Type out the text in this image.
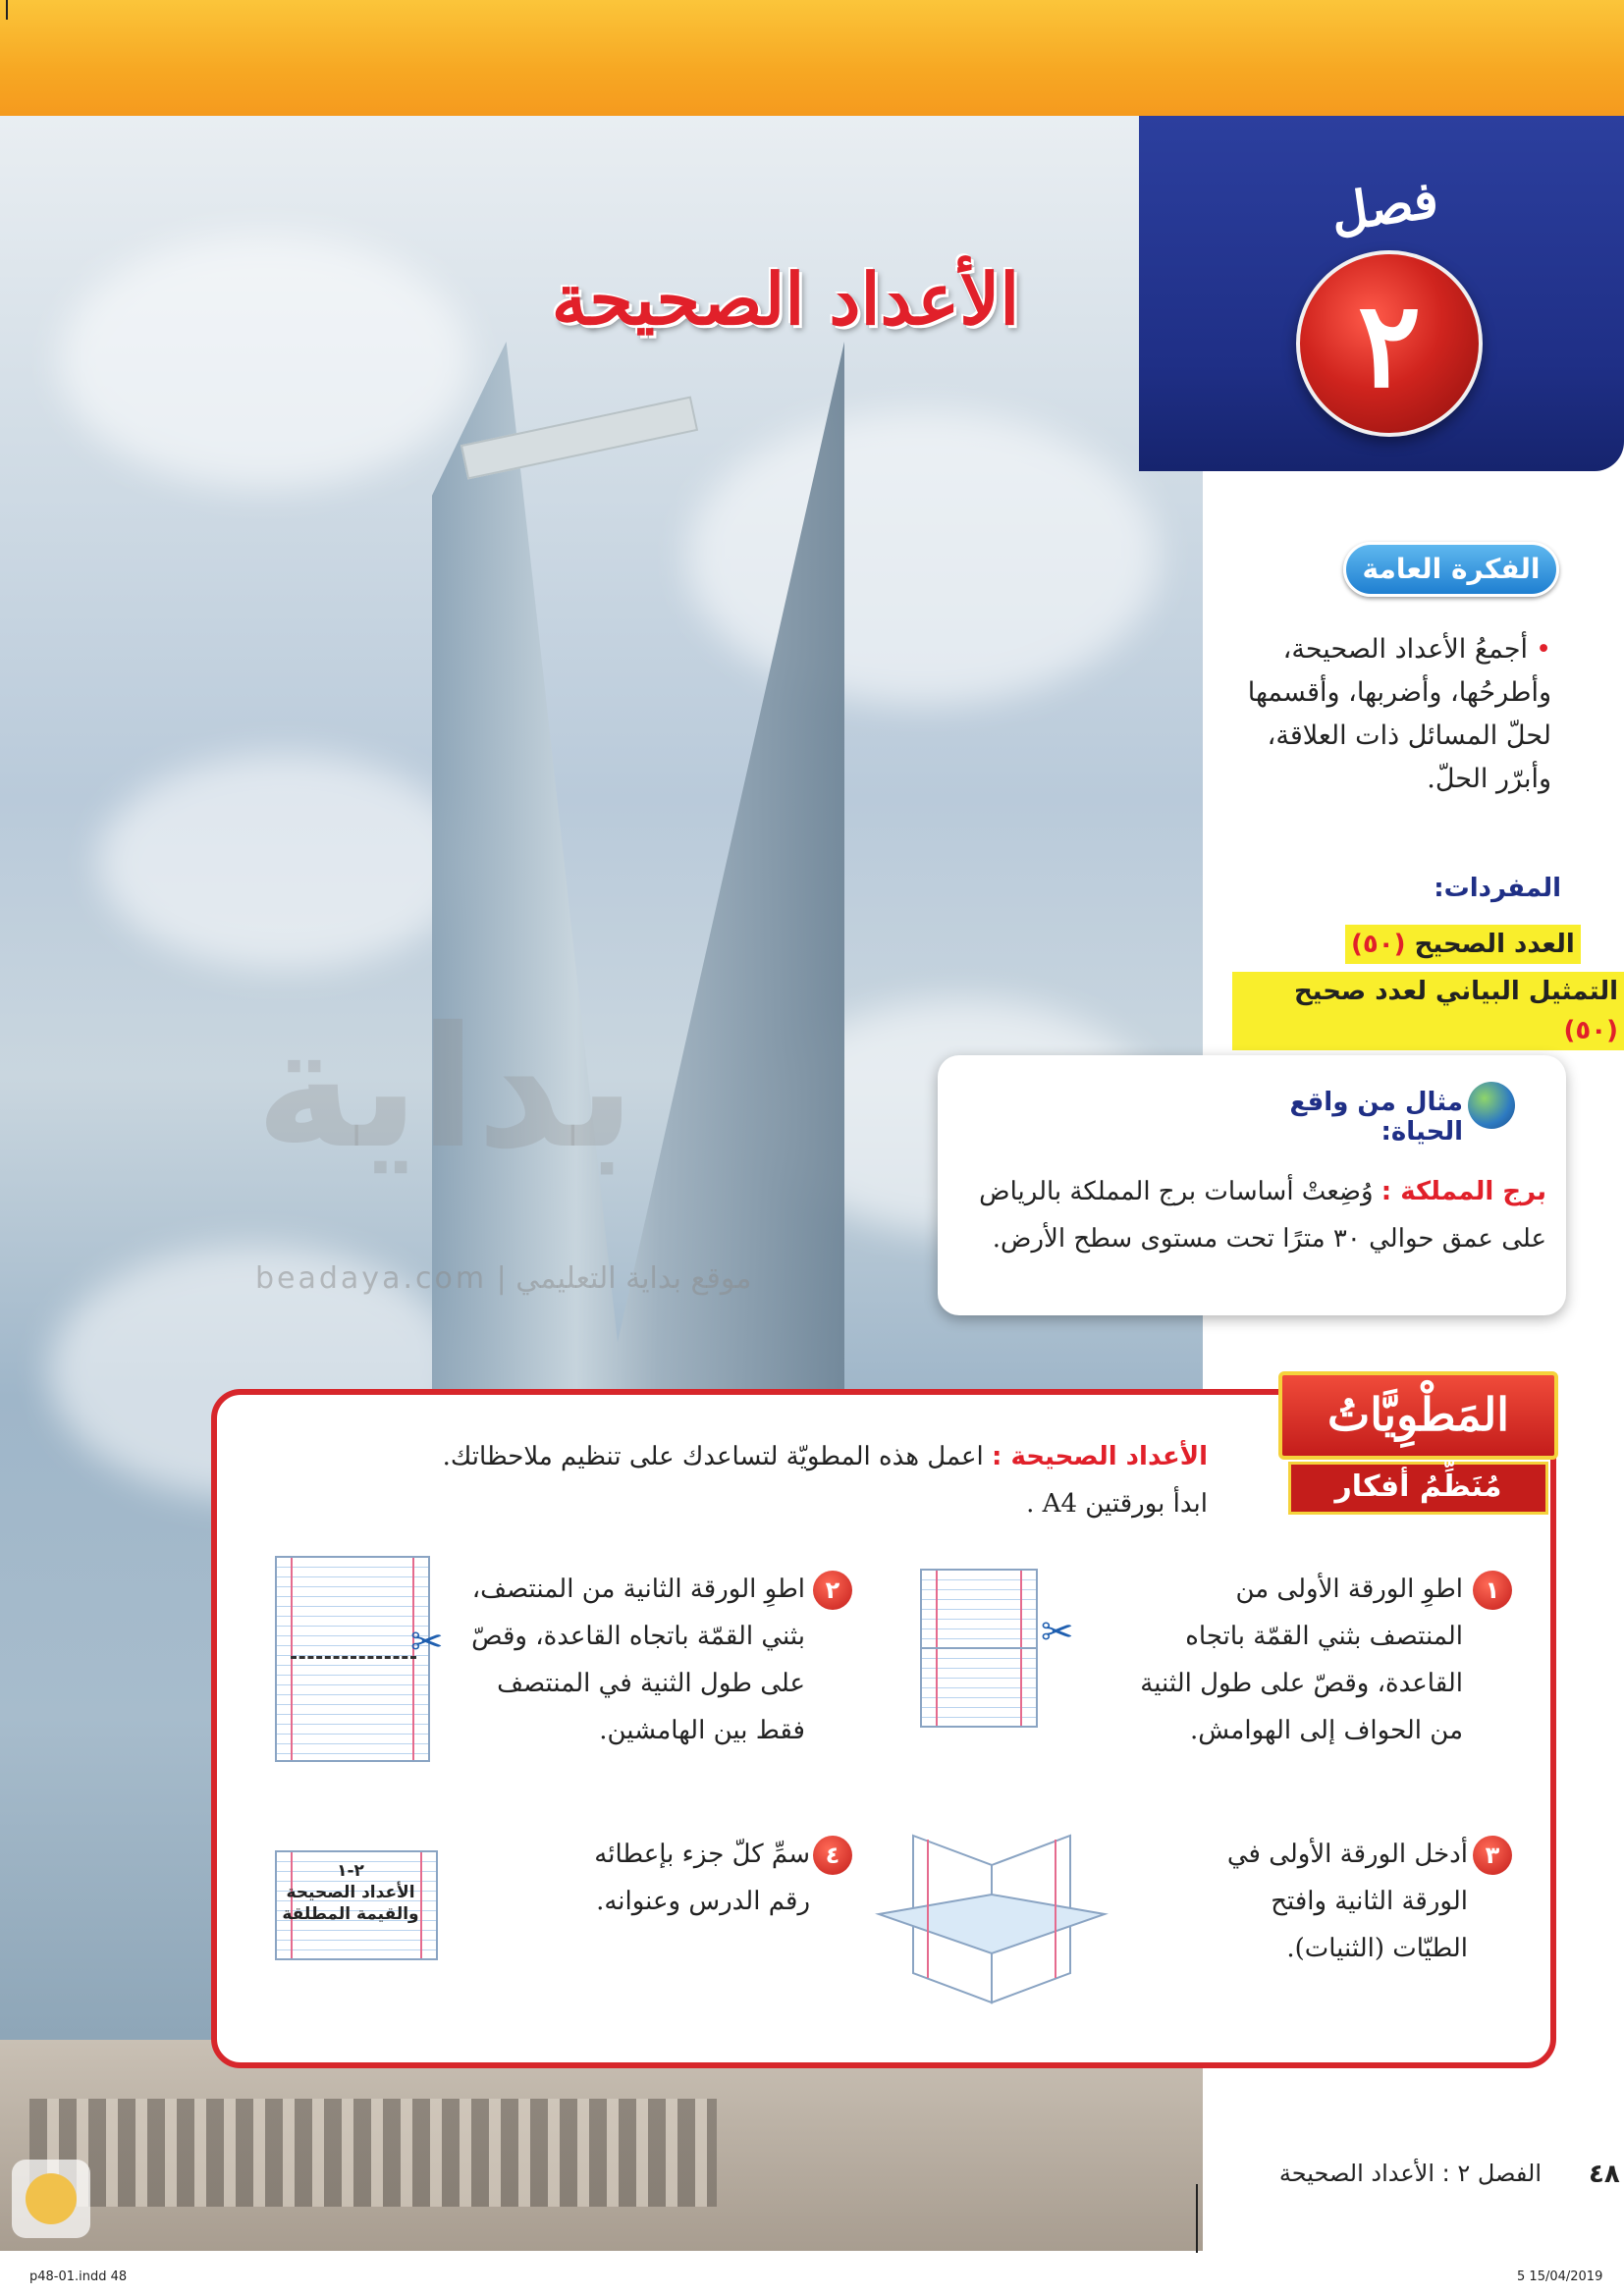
فصل
٢
الأعداد الصحيحة
الفكرة العامة
•أجمعُ الأعداد الصحيحة، وأطرحُها، وأضربها، وأقسمها لحلّ المسائل ذات العلاقة، وأبرّر الحلّ.
المفردات:
العدد الصحيح (٥٠)
التمثيل البياني لعدد صحيح (٥٠)
مثال من واقع الحياة:
برج المملكة : وُضِعتْ أساسات برج المملكة بالرياض على عمق حوالي ٣٠ مترًا تحت مستوى سطح الأرض.
بداية
موقع بداية التعليمي | beadaya.com
المَطْوِيَّاتُ
مُنَظِّمُ أفكار
الأعداد الصحيحة : اعمل هذه المطويّة لتساعدك على تنظيم ملاحظاتك.
ابدأ بورقتين A4 .
١
اطوِ الورقة الأولى من المنتصف بثني القمّة باتجاه القاعدة، وقصّ على طول الثنية من الحواف إلى الهوامش.
✂
٢
اطوِ الورقة الثانية من المنتصف، بثني القمّة باتجاه القاعدة، وقصّ على طول الثنية في المنتصف فقط بين الهامشين.
✂
٣
أدخل الورقة الأولى في الورقة الثانية وافتح الطيّات (الثنيات).
٤
سمِّ كلّ جزء بإعطائه رقم الدرس وعنوانه.
٢-١
الأعداد الصحيحة
والقيمة المطلقة
الفصل ٢ : الأعداد الصحيحة ٤٨
p48-01.indd 48	15/04/2019 5
